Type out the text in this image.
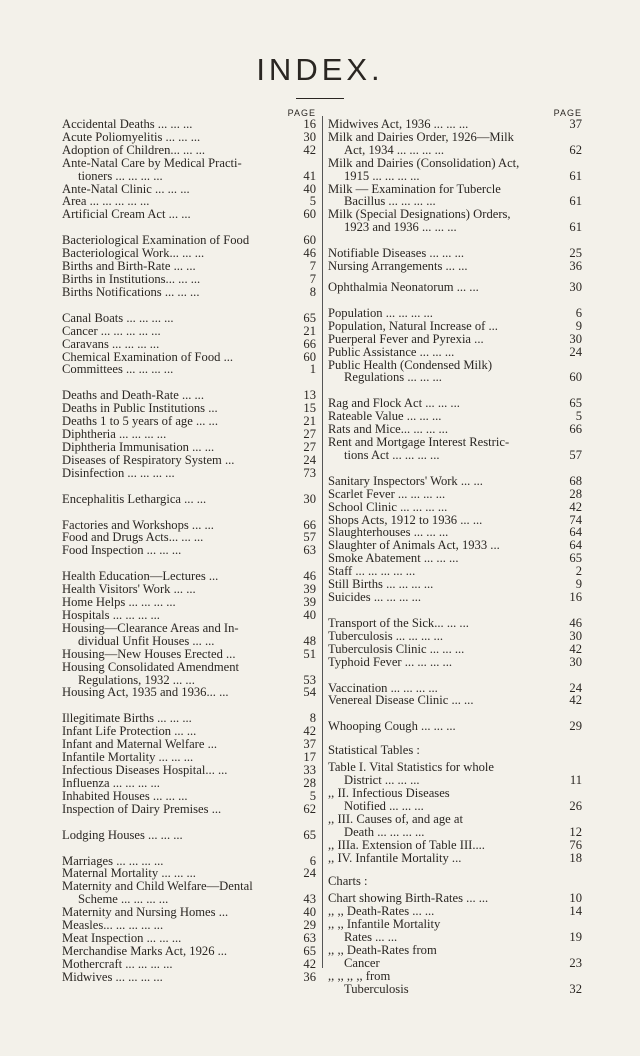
INDEX.
PAGE
Accidental Deaths ... ... ...	16
Acute Poliomyelitis ... ... ...	30
Adoption of Children... ... ...	42
Ante-Natal Care by Medical Practi-
tioners ... ... ... ...	41
Ante-Natal Clinic ... ... ...	40
Area ... ... ... ... ...	5
Artificial Cream Act ... ...	60
Bacteriological Examination of Food	60
Bacteriological Work... ... ...	46
Births and Birth-Rate ... ...	7
Births in Institutions... ... ...	7
Births Notifications ... ... ...	8
Canal Boats ... ... ... ...	65
Cancer ... ... ... ... ...	21
Caravans ... ... ... ...	66
Chemical Examination of Food ...	60
Committees ... ... ... ...	1
Deaths and Death-Rate ... ...	13
Deaths in Public Institutions ...	15
Deaths 1 to 5 years of age ... ...	21
Diphtheria ... ... ... ...	27
Diphtheria Immunisation ... ...	27
Diseases of Respiratory System ...	24
Disinfection ... ... ... ...	73
Encephalitis Lethargica ... ...	30
Factories and Workshops ... ...	66
Food and Drugs Acts... ... ...	57
Food Inspection ... ... ...	63
Health Education—Lectures ...	46
Health Visitors' Work ... ...	39
Home Helps ... ... ... ...	39
Hospitals ... ... ... ...	40
Housing—Clearance Areas and In-
dividual Unfit Houses ... ...	48
Housing—New Houses Erected ...	51
Housing Consolidated Amendment
Regulations, 1932 ... ...	53
Housing Act, 1935 and 1936... ...	54
Illegitimate Births ... ... ...	8
Infant Life Protection ... ...	42
Infant and Maternal Welfare ...	37
Infantile Mortality ... ... ...	17
Infectious Diseases Hospital... ...	33
Influenza ... ... ... ...	28
Inhabited Houses ... ... ...	5
Inspection of Dairy Premises ...	62
Lodging Houses ... ... ...	65
Marriages ... ... ... ...	6
Maternal Mortality ... ... ...	24
Maternity and Child Welfare—Dental
Scheme ... ... ... ...	43
Maternity and Nursing Homes ...	40
Measles... ... ... ... ...	29
Meat Inspection ... ... ...	63
Merchandise Marks Act, 1926 ...	65
Mothercraft ... ... ... ...	42
Midwives ... ... ... ...	36
PAGE
Midwives Act, 1936 ... ... ...	37
Milk and Dairies Order, 1926—Milk
Act, 1934 ... ... ... ...	62
Milk and Dairies (Consolidation) Act,
1915 ... ... ... ...	61
Milk — Examination for Tubercle
Bacillus ... ... ... ...	61
Milk (Special Designations) Orders,
1923 and 1936 ... ... ...	61
Notifiable Diseases ... ... ...	25
Nursing Arrangements ... ...	36
Ophthalmia Neonatorum ... ...	30
Population ... ... ... ...	6
Population, Natural Increase of ...	9
Puerperal Fever and Pyrexia ...	30
Public Assistance ... ... ...	24
Public Health (Condensed Milk)
Regulations ... ... ...	60
Rag and Flock Act ... ... ...	65
Rateable Value ... ... ...	5
Rats and Mice... ... ... ...	66
Rent and Mortgage Interest Restric-
tions Act ... ... ... ...	57
Sanitary Inspectors' Work ... ...	68
Scarlet Fever ... ... ... ...	28
School Clinic ... ... ... ...	42
Shops Acts, 1912 to 1936 ... ...	74
Slaughterhouses ... ... ...	64
Slaughter of Animals Act, 1933 ...	64
Smoke Abatement ... ... ...	65
Staff ... ... ... ... ...	2
Still Births ... ... ... ...	9
Suicides ... ... ... ...	16
Transport of the Sick... ... ...	46
Tuberculosis ... ... ... ...	30
Tuberculosis Clinic ... ... ...	42
Typhoid Fever ... ... ... ...	30
Vaccination ... ... ... ...	24
Venereal Disease Clinic ... ...	42
Whooping Cough ... ... ...	29
Statistical Tables :
Table I. Vital Statistics for whole
District ... ... ...	11
,, II. Infectious Diseases
Notified ... ... ...	26
,, III. Causes of, and age at
Death ... ... ... ...	12
,, IIIa. Extension of Table III....	76
,, IV. Infantile Mortality ...	18
Charts :
Chart showing Birth-Rates ... ...	10
,, ,, Death-Rates ... ...	14
,, ,, Infantile Mortality
Rates ... ...	19
,, ,, Death-Rates from
Cancer	23
,, ,, ,, ,, from
Tuberculosis	32
